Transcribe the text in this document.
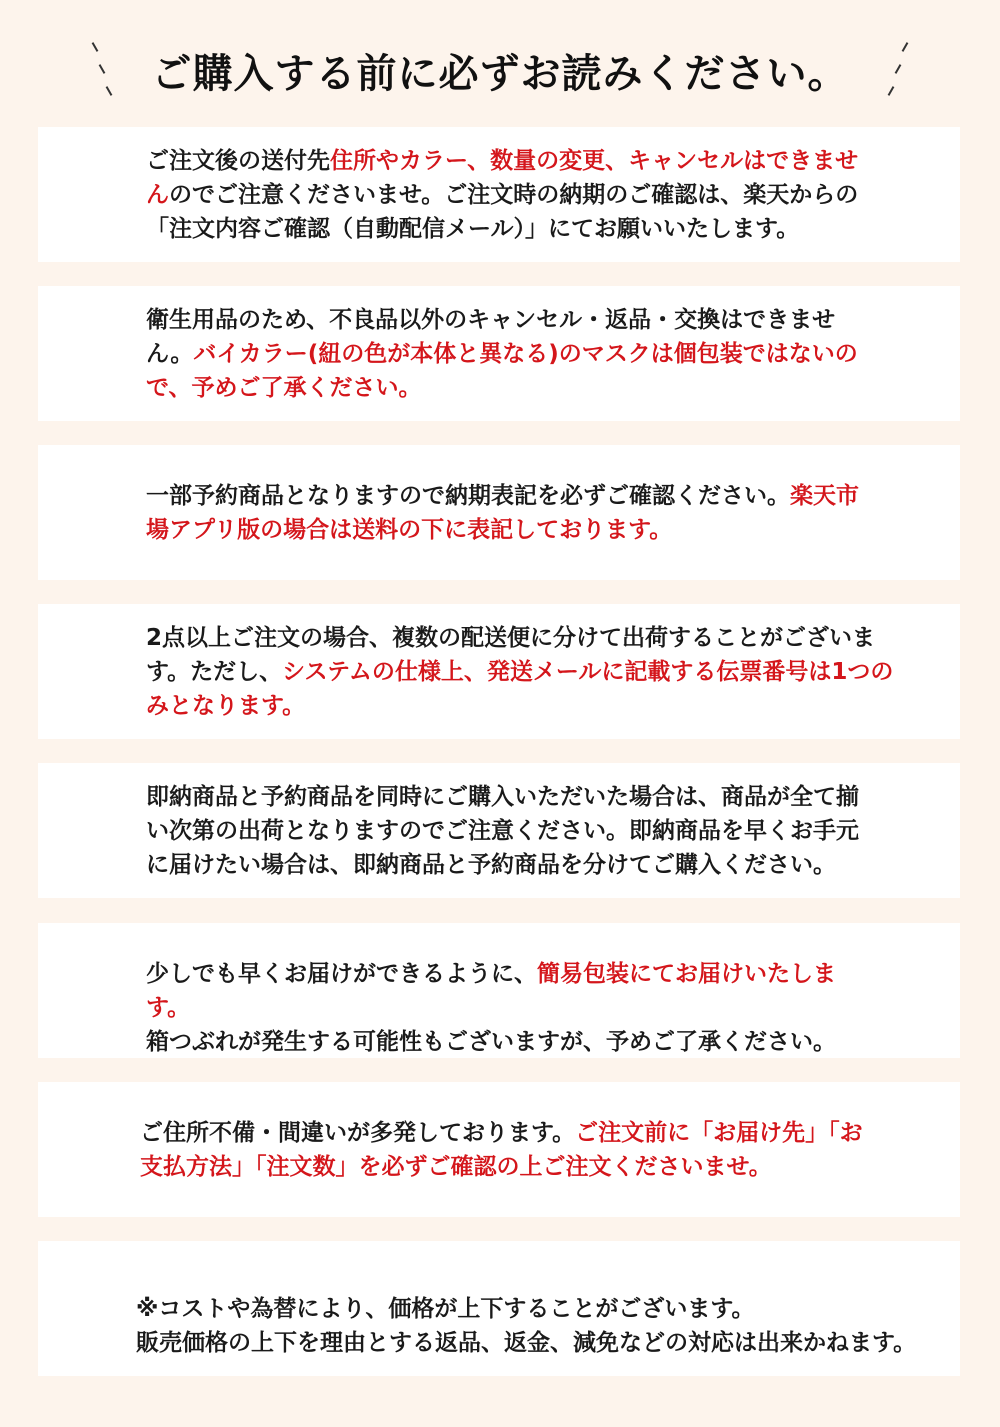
ご購入する前に必ずお読みください。

ご注文後の送付先住所やカラー、数量の変更、キャンセルはできませんのでご注意くださいませ。ご注文時の納期のご確認は、楽天からの「注文内容ご確認（自動配信メール）」にてお願いいたします。

衛生用品のため、不良品以外のキャンセル・返品・交換はできません。バイカラー(紐の色が本体と異なる)のマスクは個包装ではないので、予めご了承ください。

一部予約商品となりますので納期表記を必ずご確認ください。楽天市場アプリ版の場合は送料の下に表記しております。

2点以上ご注文の場合、複数の配送便に分けて出荷することがございます。ただし、システムの仕様上、発送メールに記載する伝票番号は1つのみとなります。

即納商品と予約商品を同時にご購入いただいた場合は、商品が全て揃い次第の出荷となりますのでご注意ください。即納商品を早くお手元に届けたい場合は、即納商品と予約商品を分けてご購入ください。

少しでも早くお届けができるように、簡易包装にてお届けいたします。
箱つぶれが発生する可能性もございますが、予めご了承ください。

ご住所不備・間違いが多発しております。ご注文前に「お届け先」「お支払方法」「注文数」を必ずご確認の上ご注文くださいませ。

※コストや為替により、価格が上下することがございます。
販売価格の上下を理由とする返品、返金、減免などの対応は出来かねます。
